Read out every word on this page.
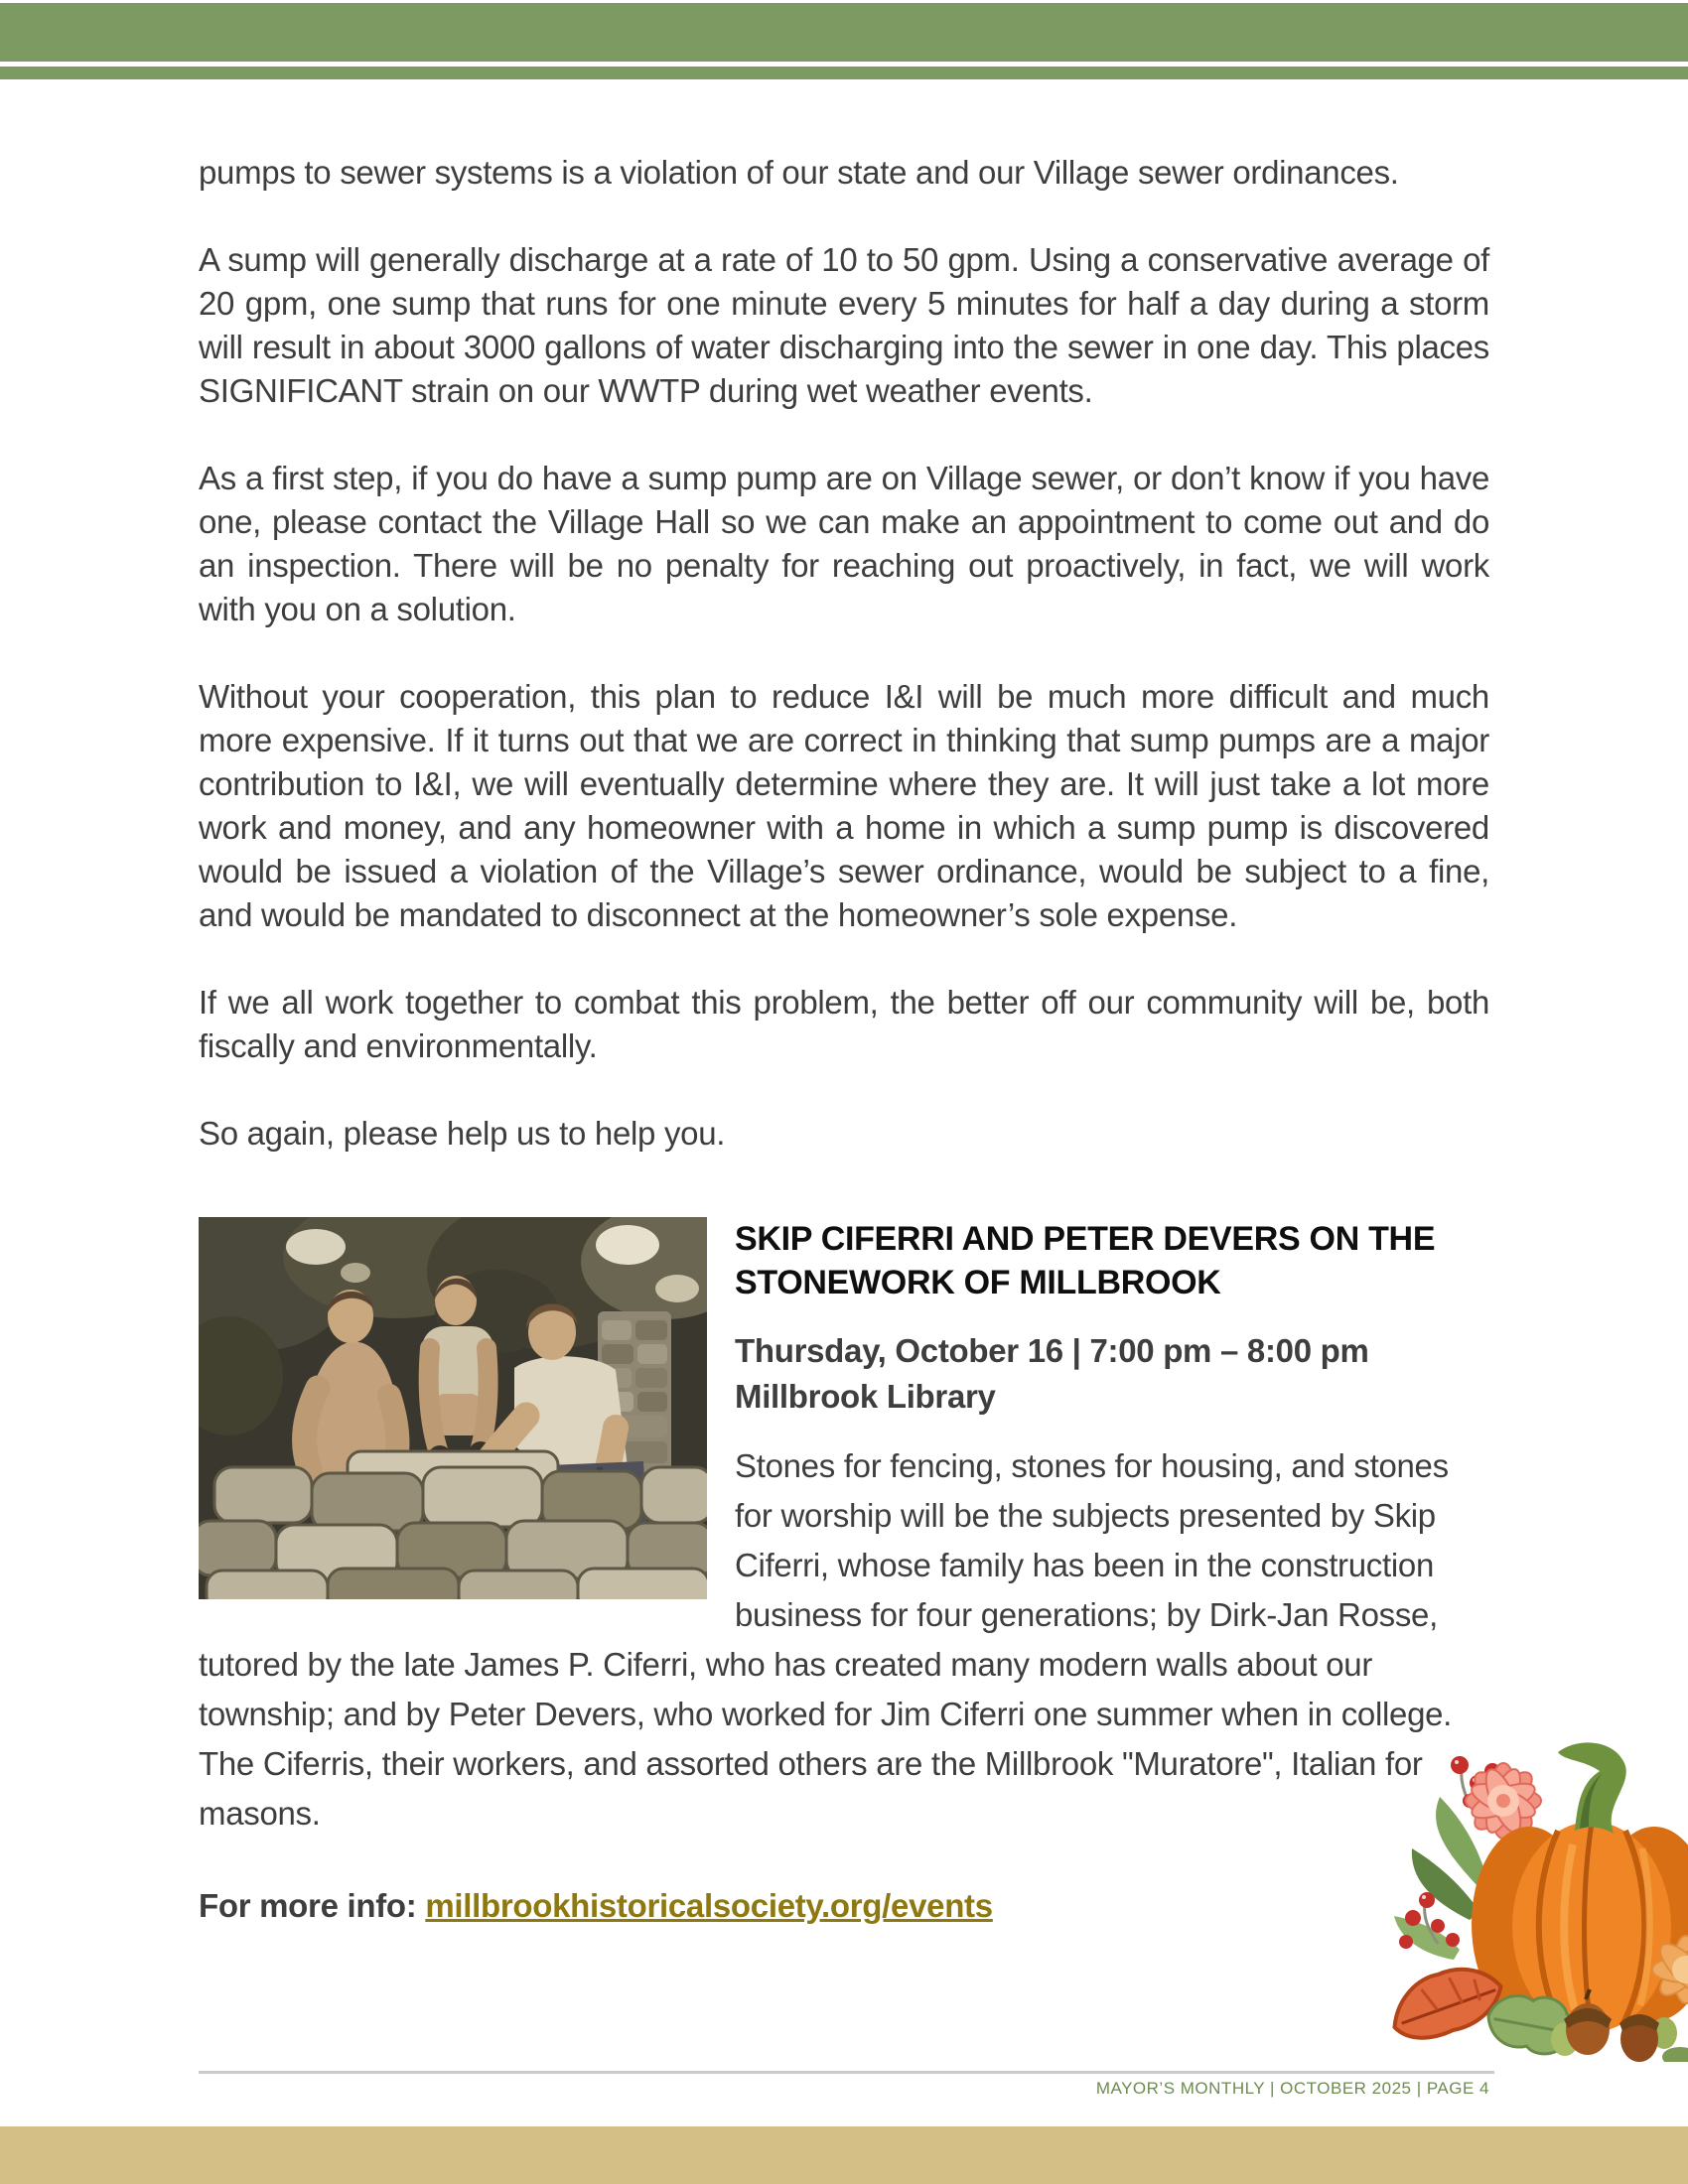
pumps to sewer systems is a violation of our state and our Village sewer ordinances.

A sump will generally discharge at a rate of 10 to 50 gpm. Using a conservative average of 20 gpm, one sump that runs for one minute every 5 minutes for half a day during a storm will result in about 3000 gallons of water discharging into the sewer in one day. This places SIGNIFICANT strain on our WWTP during wet weather events.

As a first step, if you do have a sump pump are on Village sewer, or don’t know if you have one, please contact the Village Hall so we can make an appointment to come out and do an inspection. There will be no penalty for reaching out proactively, in fact, we will work with you on a solution.

Without your cooperation, this plan to reduce I&I will be much more difficult and much more expensive. If it turns out that we are correct in thinking that sump pumps are a major contribution to I&I, we will eventually determine where they are. It will just take a lot more work and money, and any homeowner with a home in which a sump pump is discovered would be issued a violation of the Village’s sewer ordinance, would be subject to a fine, and would be mandated to disconnect at the homeowner’s sole expense.

If we all work together to combat this problem, the better off our community will be, both fiscally and environmentally.

So again, please help us to help you.

SKIP CIFERRI AND PETER DEVERS ON THE STONEWORK OF MILLBROOK

Thursday, October 16 | 7:00 pm – 8:00 pm
Millbrook Library

Stones for fencing, stones for housing, and stones for worship will be the subjects presented by Skip Ciferri, whose family has been in the construction business for four generations; by Dirk-Jan Rosse, tutored by the late James P. Ciferri, who has created many modern walls about our township; and by Peter Devers, who worked for Jim Ciferri one summer when in college. The Ciferris, their workers, and assorted others are the Millbrook "Muratore", Italian for masons.

For more info: millbrookhistoricalsociety.org/events

MAYOR’S MONTHLY | OCTOBER 2025 | PAGE 4
